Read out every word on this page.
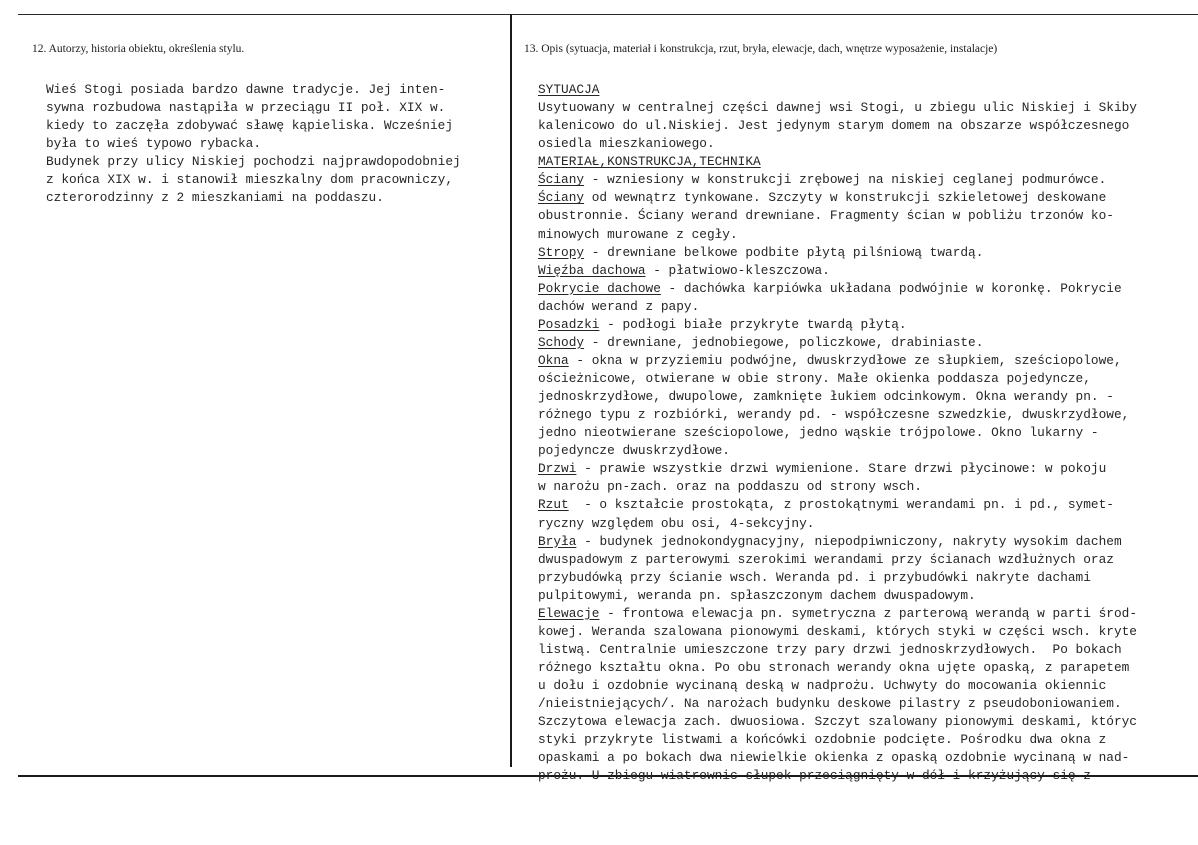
12. Autorzy, historia obiektu, określenia stylu.	13. Opis (sytuacja, materiał i konstrukcja, rzut, bryła, elewacje, dach, wnętrze wyposażenie, instalacje)
Wieś Stogi posiada bardzo dawne tradycje. Jej inten-
sywna rozbudowa nastąpiła w przeciągu II poł. XIX w.
kiedy to zaczęła zdobywać sławę kąpieliska. Wcześniej
była to wieś typowo rybacka.
Budynek przy ulicy Niskiej pochodzi najprawdopodobniej
z końca XIX w. i stanowił mieszkalny dom pracowniczy,
czterorodzinny z 2 mieszkaniami na poddaszu.
SYTUACJA
Usytuowany w centralnej części dawnej wsi Stogi, u zbiegu ulic Niskiej i Skiby
kalenicowo do ul.Niskiej. Jest jedynym starym domem na obszarze współczesnego
osiedla mieszkaniowego.
MATERIAŁ,KONSTRUKCJA,TECHNIKA
Ściany - wzniesiony w konstrukcji zrębowej na niskiej ceglanej podmurówce.
Ściany od wewnątrz tynkowane. Szczyty w konstrukcji szkieletowej deskowane
obustronnie. Ściany werand drewniane. Fragmenty ścian w pobliżu trzonów ko-
minowych murowane z cegły.
Stropy - drewniane belkowe podbite płytą pilśniową twardą.
Więźba dachowa - płatwiowo-kleszczowa.
Pokrycie dachowe - dachówka karpiówka układana podwójnie w koronkę. Pokrycie
dachów werand z papy.
Posadzki - podłogi białe przykryte twardą płytą.
Schody - drewniane, jednobiegowe, policzkowe, drabiniaste.
Okna - okna w przyziemiu podwójne, dwuskrzydłowe ze słupkiem, sześciopolowe,
ościeżnicowe, otwierane w obie strony. Małe okienka poddasza pojedyncze,
jednoskrzydłowe, dwupolowe, zamknięte łukiem odcinkowym. Okna werandy pn. -
różnego typu z rozbiórki, werandy pd. - współczesne szwedzkie, dwuskrzydłowe,
jedno nieotwierane sześciopolowe, jedno wąskie trójpolowe. Okno lukarny -
pojedyncze dwuskrzydłowe.
Drzwi - prawie wszystkie drzwi wymienione. Stare drzwi płycinowe: w pokoju
w narożu pn-zach. oraz na poddaszu od strony wsch.
Rzut  - o kształcie prostokąta, z prostokątnymi werandami pn. i pd., symet-
ryczny względem obu osi, 4-sekcyjny.
Bryła - budynek jednokondygnacyjny, niepodpiwniczony, nakryty wysokim dachem
dwuspadowym z parterowymi szerokimi werandami przy ścianach wzdłużnych oraz
przybudówką przy ścianie wsch. Weranda pd. i przybudówki nakryte dachami
pulpitowymi, weranda pn. spłaszczonym dachem dwuspadowym.
Elewacje - frontowa elewacja pn. symetryczna z parterową werandą w parti środ-
kowej. Weranda szalowana pionowymi deskami, których styki w części wsch. kryte
listwą. Centralnie umieszczone trzy pary drzwi jednoskrzydłowych.  Po bokach
różnego kształtu okna. Po obu stronach werandy okna ujęte opaską, z parapetem
u dołu i ozdobnie wycinaną deską w nadprożu. Uchwyty do mocowania okiennic
/nieistniejących/. Na narożach budynku deskowe pilastry z pseudoboniowaniem.
Szczytowa elewacja zach. dwuosiowa. Szczyt szalowany pionowymi deskami, któryc
styki przykryte listwami a końcówki ozdobnie podcięte. Pośrodku dwa okna z
opaskami a po bokach dwa niewielkie okienka z opaską ozdobnie wycinaną w nad-
prożu. U zbiegu wiatrownic słupek przeciągnięty w dół i krzyżujący się z
